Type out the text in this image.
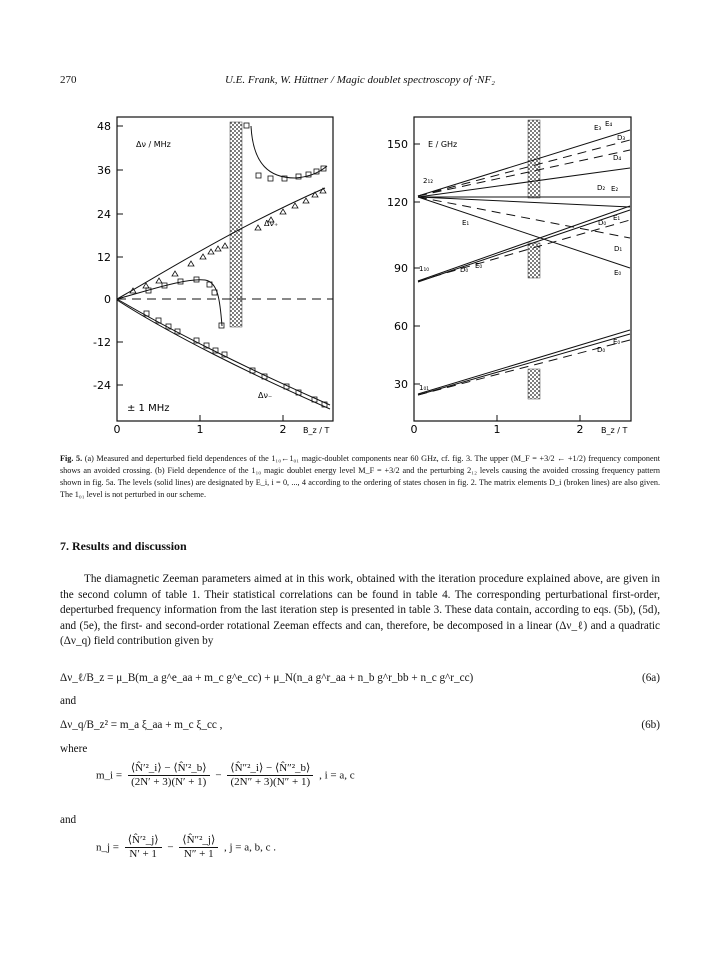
270	U.E. Frank, W. Hüttner / Magic doublet spectroscopy of ·NF₂
48
36
24
12
0
-12
-24
0	1	2 B_z / T
Δν / MHz
± 1 MHz
Δν₊
Δν₋
150
120
90
60
30
0	1	2 B_z / T
E / GHz
E₃ E₄
D₃
D₄
2₁₂
D₂ E₂
E₁	D₀
E₁
D₁
1₁₀	D₀ E₀
E₀
D₀
E₀
1₀₁
Fig. 5. (a) Measured and deperturbed field dependences of the 1₁₀←1₀₁ magic-doublet components near 60 GHz, cf. fig. 3. The upper (M_F = +3/2 ← +1/2) frequency component shows an avoided crossing. (b) Field dependence of the 1₁₀ magic doublet energy level M_F = +3/2 and the perturbing 2₁₂ levels causing the avoided crossing frequency pattern shown in fig. 5a. The levels (solid lines) are designated by E_i, i = 0, ..., 4 according to the ordering of states chosen in fig. 2. The matrix elements D_i (broken lines) are also given. The 1₀₁ level is not perturbed in our scheme.
7. Results and discussion
The diamagnetic Zeeman parameters aimed at in this work, obtained with the iteration procedure explained above, are given in the second column of table 1. Their statistical correlations can be found in table 4. The corresponding perturbational first-order, deperturbed frequency information from the last iteration step is presented in table 3. These data contain, according to eqs. (5b), (5d), and (5e), the first- and second-order rotational Zeeman effects and can, therefore, be decomposed in a linear (Δν_ℓ) and a quadratic (Δν_q) field contribution given by
Δν_ℓ/B_z = μ_B(m_a g^e_aa + m_c g^e_cc) + μ_N(n_a g^r_aa + n_b g^r_bb + n_c g^r_cc)	(6a)
and
Δν_q/B_z² = m_a ξ_aa + m_c ξ_cc ,	(6b)
where
m_i = $\frac{\text{⟨N̂′²\_i⟩ − ⟨N̂′²\_b⟩}}{(2N' + 3)(N' + 1)} - \frac{\text{⟨N̂″²\_i⟩ − ⟨N̂″²\_b⟩}}{(2N'' + 3)(N'' + 1)}$ , i = a, c
and
n_j = $\frac{\text{⟨N̂′²\_j⟩}}{N' + 1} - \frac{\text{⟨N̂″²\_j⟩}}{N'' + 1}$ , j = a, b, c .
